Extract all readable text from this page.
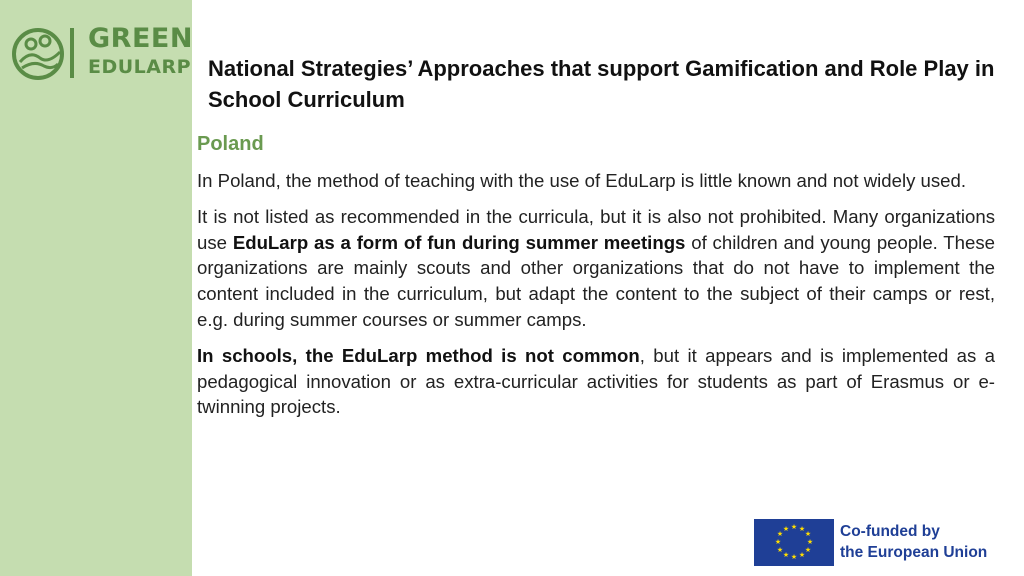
GREEN
EDULARP National Strategies’ Approaches that support Gamification and Role Play in School Curriculum
Poland

In Poland, the method of teaching with the use of EduLarp is little known and not widely used.

It is not listed as recommended in the curricula, but it is also not prohibited. Many organizations use EduLarp as a form of fun during summer meetings of children and young people. These organizations are mainly scouts and other organizations that do not have to implement the content included in the curriculum, but adapt the content to the subject of their camps or rest, e.g. during summer courses or summer camps.

In schools, the EduLarp method is not common, but it appears and is implemented as a pedagogical innovation or as extra-curricular activities for students as part of Erasmus or e-twinning projects.

★ ★
★
★
★
★
★
★
★
★
★
★	Co-funded by
the European Union
